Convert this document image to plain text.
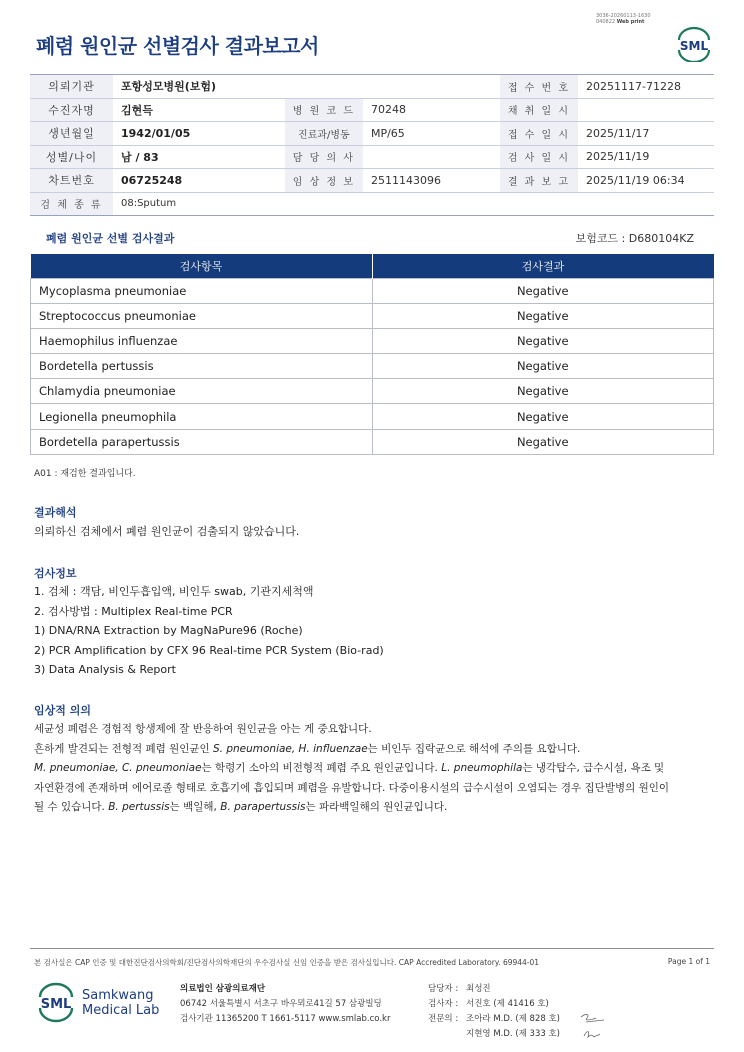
3036-20260113-1630
040822 Web print
폐렴 원인균 선별검사 결과보고서	SML
의뢰기관	포항성모병원(보험)			접 수 번 호	20251117-71228
수진자명	김현득	병 원 코 드	70248	채 취 일 시	
생년월일	1942/01/05	진료과/병동	MP/65	접 수 일 시	2025/11/17
성별/나이	남 / 83	담 당 의 사		검 사 일 시	2025/11/19
차트번호	06725248	임 상 정 보	2511143096	결 과 보 고	2025/11/19 06:34
검 체 종 류	08:Sputum				
폐렴 원인균 선별 검사결과	보험코드 : D680104KZ
검사항목	검사결과
Mycoplasma pneumoniae	Negative
Streptococcus pneumoniae	Negative
Haemophilus influenzae	Negative
Bordetella pertussis	Negative
Chlamydia pneumoniae	Negative
Legionella pneumophila	Negative
Bordetella parapertussis	Negative
A01 : 재검한 결과입니다.
결과해석
의뢰하신 검체에서 폐렴 원인균이 검출되지 않았습니다.
검사정보
1. 검체 : 객담, 비인두흡입액, 비인두 swab, 기관지세척액
2. 검사방법 : Multiplex Real-time PCR
1) DNA/RNA Extraction by MagNaPure96 (Roche)
2) PCR Amplification by CFX 96 Real-time PCR System (Bio-rad)
3) Data Analysis & Report
임상적 의의
세균성 폐렴은 경험적 항생제에 잘 반응하여 원인균을 아는 게 중요합니다.
흔하게 발견되는 전형적 폐렴 원인균인 S. pneumoniae, H. influenzae는 비인두 집락균으로 해석에 주의를 요합니다.
M. pneumoniae, C. pneumoniae는 학령기 소아의 비전형적 폐렴 주요 원인균입니다. L. pneumophila는 냉각탑수, 급수시설, 욕조 및
자연환경에 존재하며 에어로졸 형태로 호흡기에 흡입되며 폐렴을 유발합니다. 다중이용시설의 급수시설이 오염되는 경우 집단발병의 원인이
될 수 있습니다. B. pertussis는 백일해, B. parapertussis는 파라백일해의 원인균입니다.
본 검사실은 CAP 인증 및 대한진단검사의학회/진단검사의학재단의 우수검사실 신임 인증을 받은 검사실입니다. CAP Accredited Laboratory. 69944-01	Page 1 of 1
SML
Samkwang
Medical Lab
의료법인 삼광의료재단
06742 서울특별시 서초구 바우뫼로41길 57 삼광빌딩
검사기관 11365200 T 1661-5117 www.smlab.co.kr
담당자 : 최성진
검사자 : 서진호 (제 41416 호)
전문의 : 조아라 M.D. (제 828 호)
지현영 M.D. (제 333 호)
